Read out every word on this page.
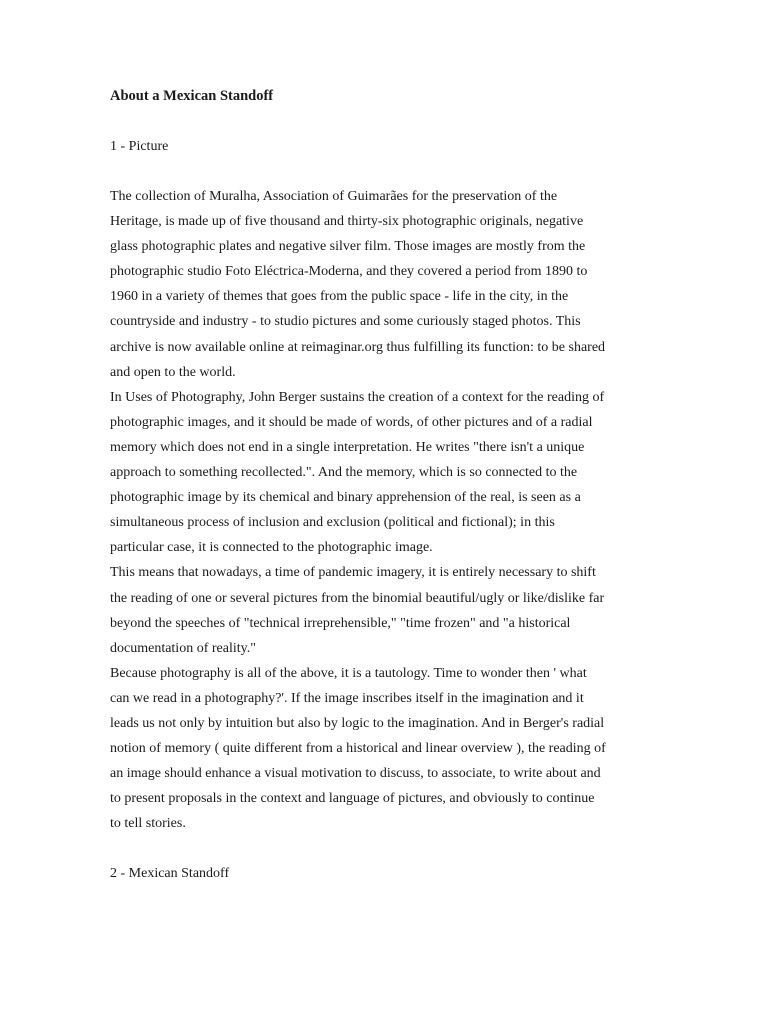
About a Mexican Standoff
1 - Picture
The collection of Muralha, Association of Guimarães for the preservation of the
Heritage, is made up of five thousand and thirty-six photographic originals, negative
glass photographic plates and negative silver film. Those images are mostly from the
photographic studio Foto Eléctrica-Moderna, and they covered a period from 1890 to
1960 in a variety of themes that goes from the public space - life in the city, in the
countryside and industry - to studio pictures and some curiously staged photos. This
archive is now available online at reimaginar.org thus fulfilling its function: to be shared
and open to the world.
In Uses of Photography, John Berger sustains the creation of a context for the reading of
photographic images, and it should be made of words, of other pictures and of a radial
memory which does not end in a single interpretation. He writes "there isn't a unique
approach to something recollected.". And the memory, which is so connected to the
photographic image by its chemical and binary apprehension of the real, is seen as a
simultaneous process of inclusion and exclusion (political and fictional); in this
particular case, it is connected to the photographic image.
This means that nowadays, a time of pandemic imagery, it is entirely necessary to shift
the reading of one or several pictures from the binomial beautiful/ugly or like/dislike far
beyond the speeches of "technical irreprehensible," "time frozen" and "a historical
documentation of reality."
Because photography is all of the above, it is a tautology. Time to wonder then ' what
can we read in a photography?'. If the image inscribes itself in the imagination and it
leads us not only by intuition but also by logic to the imagination. And in Berger's radial
notion of memory ( quite different from a historical and linear overview ), the reading of
an image should enhance a visual motivation to discuss, to associate, to write about and
to present proposals in the context and language of pictures, and obviously to continue
to tell stories.
2 - Mexican Standoff
